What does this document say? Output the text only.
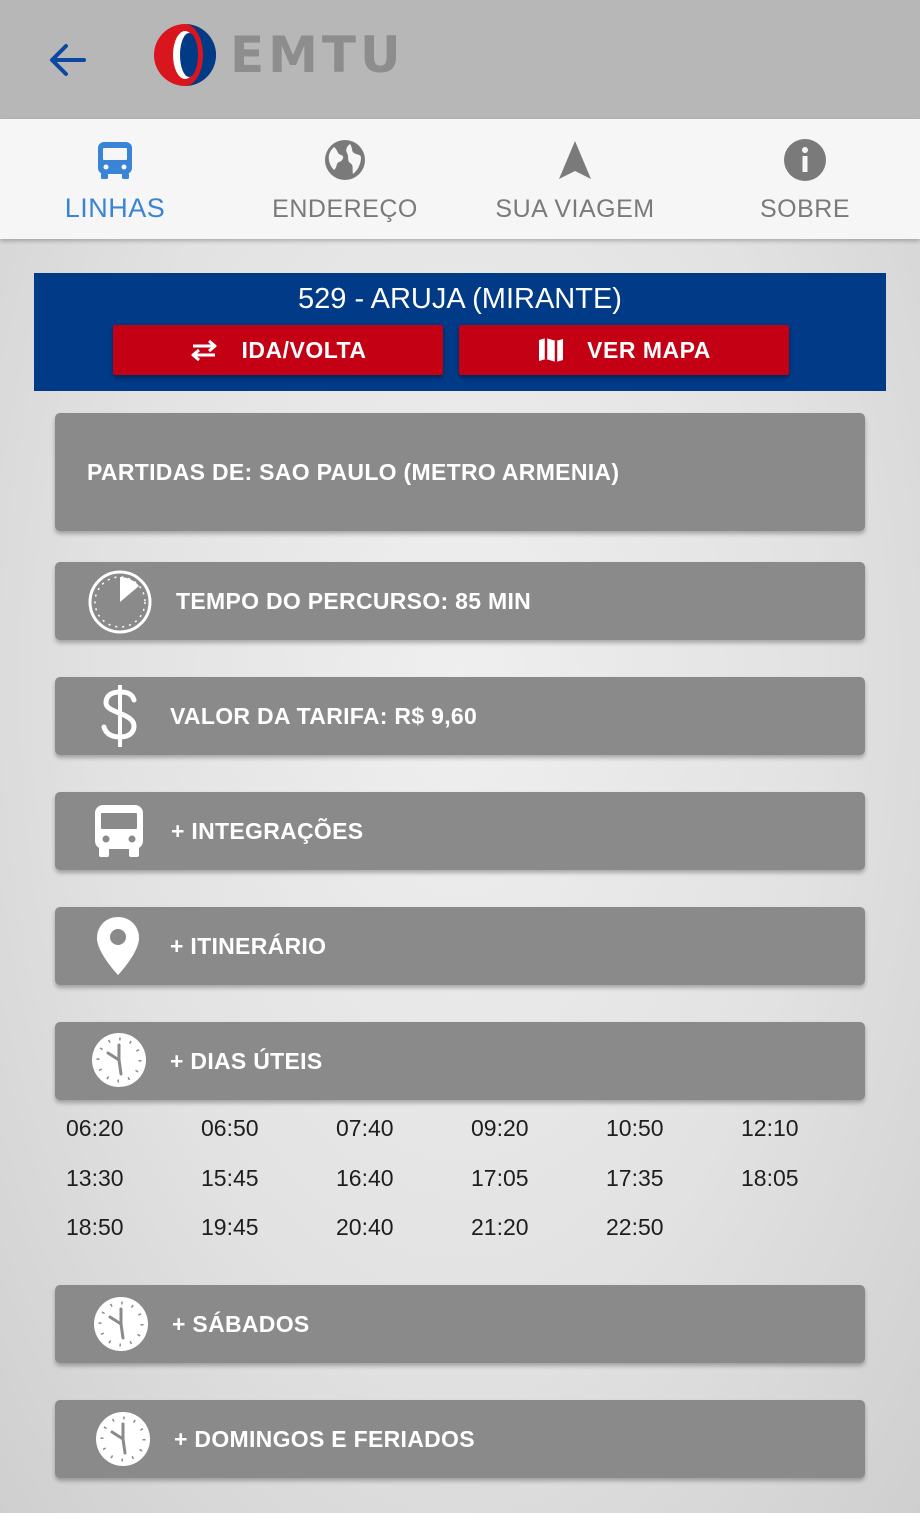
EMTU
LINHAS	ENDEREÇO	SUA VIAGEM	SOBRE
529 - ARUJA (MIRANTE)
IDA/VOLTA	VER MAPA
PARTIDAS DE: SAO PAULO (METRO ARMENIA)
TEMPO DO PERCURSO: 85 MIN
VALOR DA TARIFA: R$ 9,60
+ INTEGRAÇÕES
+ ITINERÁRIO
+ DIAS ÚTEIS
06:20	06:50	07:40	09:20	10:50	12:10
13:30	15:45	16:40	17:05	17:35	18:05
18:50	19:45	20:40	21:20	22:50
+ SÁBADOS
+ DOMINGOS E FERIADOS
